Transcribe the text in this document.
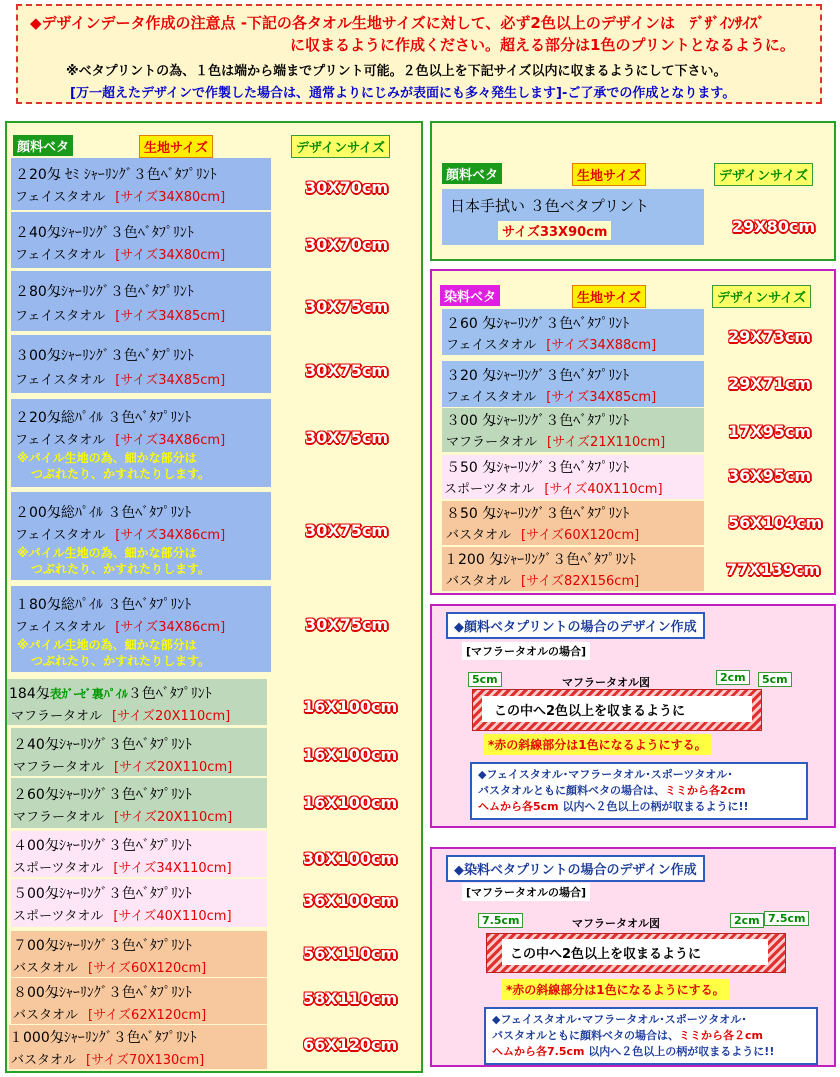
◆デザインデータ作成の注意点 -下記の各タオル生地サイズに対して、必ず2色以上のデザインは　ﾃﾞｻﾞｲﾝｻｲｽﾞ
に収まるように作成ください。超える部分は1色のプリントとなるように。
※ベタプリントの為、１色は端から端までプリント可能。２色以上を下記サイズ以内に収まるようにして下さい。
[万一超えたデザインで作製した場合は、通常よりにじみが表面にも多々発生します]-ご了承での作成となります。
顔料ベタ	生地サイズ	デザインサイズ
２20匁 ｾﾐ ｼｬｰﾘﾝｸﾞ３色ﾍﾞﾀﾌﾟﾘﾝﾄ
フェイスタオル [サイズ34X80cm]
30X70cm
２40匁ｼｬｰﾘﾝｸﾞ３色ﾍﾞﾀﾌﾟﾘﾝﾄ
フェイスタオル [サイズ34X80cm]
30X70cm
２80匁ｼｬｰﾘﾝｸﾞ３色ﾍﾞﾀﾌﾟﾘﾝﾄ
フェイスタオル [サイズ34X85cm]
30X75cm
３00匁ｼｬｰﾘﾝｸﾞ３色ﾍﾞﾀﾌﾟﾘﾝﾄ
フェイスタオル [サイズ34X85cm]
30X75cm
２20匁総ﾊﾟｲﾙ ３色ﾍﾞﾀﾌﾟﾘﾝﾄ
フェイスタオル [サイズ34X86cm]
※パイル生地の為、細かな部分は
つぶれたり、かすれたりします。
30X75cm
２00匁総ﾊﾟｲﾙ ３色ﾍﾞﾀﾌﾟﾘﾝﾄ
フェイスタオル [サイズ34X86cm]
※パイル生地の為、細かな部分は
つぶれたり、かすれたりします。
30X75cm
１80匁総ﾊﾟｲﾙ ３色ﾍﾞﾀﾌﾟﾘﾝﾄ
フェイスタオル [サイズ34X86cm]
※パイル生地の為、細かな部分は
つぶれたり、かすれたりします。
30X75cm
184匁表ｶﾞｰｾﾞ裏ﾊﾟｲﾙ３色ﾍﾞﾀﾌﾟﾘﾝﾄ
マフラータオル [サイズ20X110cm]
16X100cm
２40匁ｼｬｰﾘﾝｸﾞ３色ﾍﾞﾀﾌﾟﾘﾝﾄ
マフラータオル [サイズ20X110cm]
16X100cm
２60匁ｼｬｰﾘﾝｸﾞ３色ﾍﾞﾀﾌﾟﾘﾝﾄ
マフラータオル [サイズ20X110cm]
16X100cm
４00匁ｼｬｰﾘﾝｸﾞ３色ﾍﾞﾀﾌﾟﾘﾝﾄ
スポーツタオル [サイズ34X110cm]
30X100cm
５00匁ｼｬｰﾘﾝｸﾞ３色ﾍﾞﾀﾌﾟﾘﾝﾄ
スポーツタオル [サイズ40X110cm]
36X100cm
７00匁ｼｬｰﾘﾝｸﾞ３色ﾍﾞﾀﾌﾟﾘﾝﾄ
バスタオル [サイズ60X120cm]
56X110cm
８00匁ｼｬｰﾘﾝｸﾞ３色ﾍﾞﾀﾌﾟﾘﾝﾄ
バスタオル [サイズ62X120cm]
58X110cm
１000匁ｼｬｰﾘﾝｸﾞ３色ﾍﾞﾀﾌﾟﾘﾝﾄ
バスタオル [サイズ70X130cm]
66X120cm
顔料ベタ	生地サイズ	デザインサイズ
日本手拭い ３色ベタプリント
サイズ33X90cm	29X80cm
染料ベタ	生地サイズ	デザインサイズ
２60 匁ｼｬｰﾘﾝｸﾞ３色ﾍﾞﾀﾌﾟﾘﾝﾄ
フェイスタオル [サイズ34X88cm]	29X73cm
３20 匁ｼｬｰﾘﾝｸﾞ３色ﾍﾞﾀﾌﾟﾘﾝﾄ
フェイスタオル [サイズ34X85cm]
29X71cm
３00 匁ｼｬｰﾘﾝｸﾞ３色ﾍﾞﾀﾌﾟﾘﾝﾄ
マフラータオル [サイズ21X110cm]
17X95cm
５50 匁ｼｬｰﾘﾝｸﾞ３色ﾍﾞﾀﾌﾟﾘﾝﾄ
スポーツタオル [サイズ40X110cm]
36X95cm
８50 匁ｼｬｰﾘﾝｸﾞ３色ﾍﾞﾀﾌﾟﾘﾝﾄ
バスタオル [サイズ60X120cm]
56X104cm
１200 匁ｼｬｰﾘﾝｸﾞ３色ﾍﾞﾀﾌﾟﾘﾝﾄ
バスタオル [サイズ82X156cm]
77X139cm
◆顔料ベタプリントの場合のデザイン作成
[マフラータオルの場合]
マフラータオル図
5cm	2cm	5cm
この中へ2色以上を収まるように
*赤の斜線部分は1色になるようにする。
◆フェイスタオル･マフラータオル･スポーツタオル･
バスタオルともに顔料ベタの場合は、ミミから各2cm
ヘムから各5cm 以内へ２色以上の柄が収まるように!!
◆染料ベタプリントの場合のデザイン作成
[マフラータオルの場合]
マフラータオル図
7.5cm	2cm 7.5cm
この中へ2色以上を収まるように
*赤の斜線部分は1色になるようにする。
◆フェイスタオル･マフラータオル･スポーツタオル･
バスタオルともに顔料ベタの場合は、ミミから各２cm
ヘムから各7.5cm 以内へ２色以上の柄が収まるように!!
